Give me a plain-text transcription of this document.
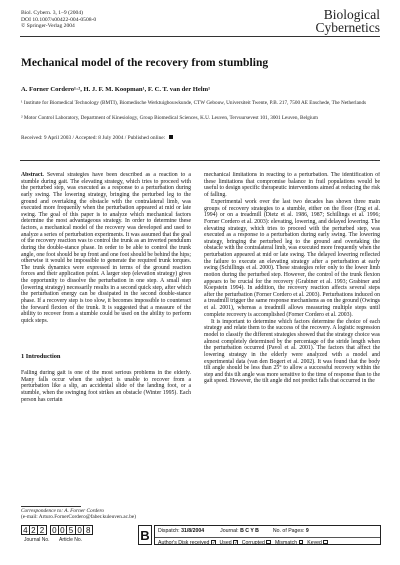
Biol. Cybern. 3, 1–9 (2004)
DOI 10.1007/s00422-004-0508-0
© Springer-Verlag 2004
Biological
Cybernetics
Mechanical model of the recovery from stumbling
A. Forner Cordero¹·², H. J. F. M. Koopman¹, F. C. T. van der Helm¹
¹ Institute for Biomedical Technology (BMTI), Biomedische Werktuigbouwkunde, CTW Gebouw, Universiteit Twente, P.B. 217, 7500 AE Enschede, The Netherlands
² Motor Control Laboratory, Department of Kinesiology, Group Biomedical Sciences, K.U. Leuven, Tervuursevest 101, 3001 Leuven, Belgium
Received: 9 April 2003 / Accepted: 8 July 2004 / Published online:

Abstract. Several strategies have been described as a reaction to a stumble during gait. The elevating strategy, which tries to proceed with the perturbed step, was executed as a response to a perturbation during early swing. The lowering strategy, bringing the perturbed leg to the ground and overtaking the obstacle with the contralateral limb, was executed more frequently when the perturbation appeared at mid or late swing. The goal of this paper is to analyze which mechanical factors determine the most advantageous strategy. In order to determine these factors, a mechanical model of the recovery was developed and used to analyze a series of perturbation experiments. It was assumed that the goal of the recovery reaction was to control the trunk as an inverted pendulum during the double-stance phase. In order to be able to control the trunk angle, one foot should be up front and one foot should be behind the hips; otherwise it would be impossible to generate the required trunk torques. The trunk dynamics were expressed in terms of the ground reaction forces and their application point. A larger step (elevation strategy) gives the opportunity to dissolve the perturbation in one step. A small step (lowering strategy) necessarily results in a second quick step, after which the perturbation energy can be dissipated in the second double-stance phase. If a recovery step is too slow, it becomes impossible to counteract the forward flexion of the trunk. It is suggested that a measure of the ability to recover from a stumble could be used on the ability to perform quick steps.

1 Introduction

Falling during gait is one of the most serious problems in the elderly. Many falls occur when the subject is unable to recover from a perturbation like a slip, an accidental slide of the landing foot, or a stumble, when the swinging foot strikes an obstacle (Winter 1995). Each person has certain

mechanical limitations in reacting to a perturbation. The identification of these limitations that compromise balance in frail populations would be useful to design specific therapeutic interventions aimed at reducing the risk of falling.

Experimental work over the last two decades has shown three main groups of recovery strategies to a stumble, either on the floor (Eng et al. 1994) or on a treadmill (Dietz et al. 1986, 1987; Schillings et al. 1996; Forner Cordero et al. 2003): elevating, lowering, and delayed lowering. The elevating strategy, which tries to proceed with the perturbed step, was executed as a response to a perturbation during early swing. The lowering strategy, bringing the perturbed leg to the ground and overtaking the obstacle with the contralateral limb, was executed more frequently when the perturbation appeared at mid or late swing. The delayed lowering reflected the failure to execute an elevating strategy after a perturbation at early swing (Schillings et al. 2000). These strategies refer only to the lower limb motion during the perturbed step. However, the control of the trunk flexion appears to be crucial for the recovery (Grabiner et al. 1993; Grabiner and Koepstein 1994). In addition, the recovery reaction affects several steps after the perturbation (Forner Cordero et al. 2003). Perturbations induced on a treadmill trigger the same response mechanisms as on the ground (Owings et al. 2001), whereas a treadmill allows measuring multiple steps until complete recovery is accomplished (Forner Cordero et al. 2003).

It is important to determine which factors determine the choice of each strategy and relate them to the success of the recovery. A logistic regression model to classify the different strategies showed that the strategy choice was almost completely determined by the percentage of the stride length when the perturbation occurred (Pavol et al. 2001). The factors that affect the lowering strategy in the elderly were analyzed with a model and experimental data (van den Bogert et al. 2002). It was found that the body tilt angle should be less than 25° to allow a successful recovery within the step and this tilt angle was more sensitive to the time of response than to the gait speed. However, the tilt angle did not predict falls that occurred in the

Correspondence to: A. Forner Cordero
(e-mail: Arturo.FornerCordero@faber.kuleuven.ac.be)
4 2 2 0 0 5 0 8
Journal No. Article No.	B	Dispatch: 31/8/2004	Journal: B C Y B	No. of Pages: 9
Author's Disk received ✓ Used ✓ Corrupted	Mismatch	Keyed
